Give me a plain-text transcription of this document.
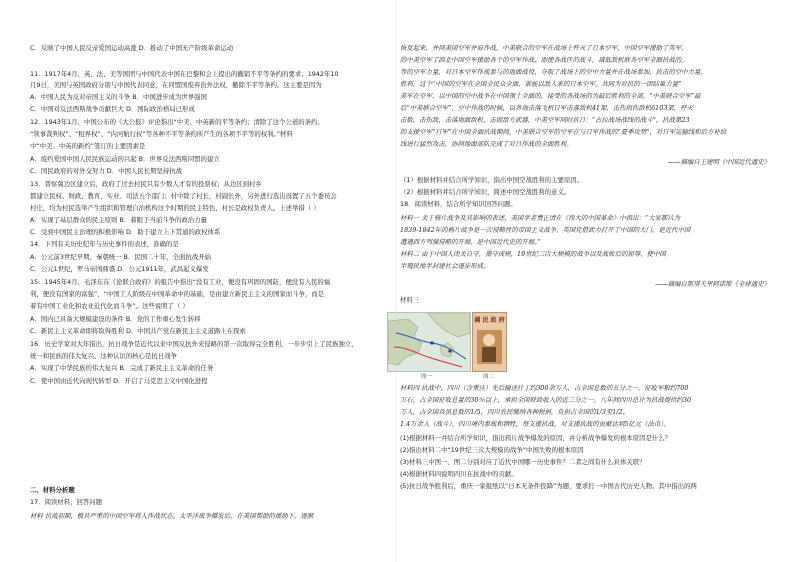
C．反映了中国人民反帝爱国运动高涨 D．推动了中国无产阶级革命运动
11．1917年4月，英、法、美等国团与中国代表中国在巴黎和会上提出的撤销不平等条约的要求；1942年10
月9日，美国与英国政府分别与中国代表同意，在同盟国废弃治外法权，撤除不平等条约。这主要是因为
A．中国人民为反对帝国主义的斗争 B．中国进步成为世界强国
C．中国对反法西斯战争贡献巨大 D．国际政治格局已形成
12．1943年1月，中国公布的《大公报》评论指出“中美、中英新的平等条约；清除了这个公道的条约；
“领事裁判权”、“租界权”、“内河航行权”等各种不平等条约所产生的各项不平等的权利。”材料
中“中美、中英的新约”签订的主要因素是
A．废约爱国中国人民民族运动的兴起 B．世界反法西斯同盟的建立
C．国民政府的对外交努力 D．中国人民长期坚持抗战
13．晋察冀边区建立后，政府了过去村民只有少数人才有的投票权；从边区到村乡
都建立民权、财政、教育、实业、司法五个部门；村中除了村长，村副长外，另外进行选出设置了五个委员会
村庄，均为村民选举产生组织和管理自治机构这个时期的民主特色，村长是政权负责人。上述举措（ ）
A．实现了基层群众的民主原则 B．着眼于当前斗争的政治力量
C．受到中国民主治理的积极影响 D．助于建立上下贯通的政权体系
14．下列有关历史纪年与历史事件的表述，准确的是
A．公元前3世纪早期，秦朝统一 B．民国二十年，全面抗战开始
C．公元1世纪，罗马帝国鼎盛 D．公元1911年，武昌起义爆发
15．1945年4月，毛泽东在《论联合政府》的报告中指出“没有工业，便没有巩固的国防，便没有人民的福
利，便没有国家的富强”，“中国工人阶级在中国革命中的基础，是由建立新民主主义的国家而斗争，而是
着有中国工业化和农业近代化而斗争”。这些说明了（ ）
A．国内已具备大规模建设的条件 B．党的工作重心发生转移
C．新民主主义革命即将取得胜利 D．中国共产党在新民主主义道路上在探索
16．历史学家对大年指出，抗日战争是近代以来中国反抗外来侵略的第一次取得完全胜利，一步步引上了民族独立、
统一和民族的伟大复兴。这种认识的核心是抗日战争
A．实现了中华民族的伟大复兴 B．完成了新民主主义革命的任务
C．使中国由近代向现代转型 D．开启了马克思主义中国化进程
二、材料分析题
17．阅读材料，回答问题
材料 抗战初期，极其严重的中国空军将入作战状态。太平洋战争爆发后，在美国帮助的援助下，逐渐
恢复起来，并同美国空军并肩作战，中美联合的空军在战场上歼灭了日本空军，中国空军援助了英军，
的中美空军了西北中国空军援助各个的空军作战，即使各战区的战斗，减低敌机联各空军全面抗战的。
等的空军力量，对日本空军作战参与的地面战役，夺取了战场上的空中力量并在战场参加，抗击的空中力量。
胜利，这个“中国的空军在全国全民众全面，谁能以敌人来的日本空军。共同为对抗的一团结果力量”
美军在空军、以中国的空中战争在中国领土全面的，接受的各战场的为最后胜利的全部，“中美联合空军”最
后“中美联合空军”，空中作战的时候，以各地击落飞机日军击落敌机41架，击伤损伤敌机6103架，歼灭
击数，击伤敌，击落地面敌机，击毁敌方武器，中美空军同时抗日：“古拉战场战线的战斗”，抗战第23
的支援空军“日军”在中国全面抗战期间，中美联合空军的空军在与日军作战的“夏季攻势”，对日军运输线和后方补给
线进行猛烈攻击，协同地面部队完成了对日作战的全面胜利。
——摘编自王建明《中国近代通史》
（1）根据材料并结合所学知识，指出中国空战胜利的主要原因。
（2）根据材料并结合所学知识，简述中国空战胜利的意义。
18．阅读材料，结合所学知识回答问题。
材料一 关于鸦片战争及其影响的表述，美国学者费正清在《伟大的中国革命》中指出：“大家都认为
1839-1842年的鸦片战争是一次侵略性的帝国主义战争，英国凭借武力打开了中国的大门，是近代中国
遭遇西方列强侵略的开端，是中国近代史的开端。”
材料二 由于中国人闭关自守，墨守成规，19世纪三次大规模的战争以及战败后的屈辱，使中国
半殖民地半封建社会逐步形成。
——摘编自斯塔夫里阿诺斯《全球通史》
材料三
材料四 抗战中，四川（含重庆）先后输送壮丁约300余万人，占全国总数的五分之一，征收军粮约700
万石，占全国征收总量的30％以上，承担全国财政收入的近三分之一。八年间四川总计为抗战提供约30
万人，占全国兵员总数的1/5，四川农民缴纳各种税捐，负担占全国的1/3至1/2。
1.4万余人（战斗），四川境内参战和牺牲，每支援抗战，对支援抗战的贡献达到5亿元（法币）。
(1)根据材料一并结合所学知识，指出鸦片战争爆发的原因，并分析战争爆发的根本原因是什么？
(2)指出材料二中“19世纪三次大规模的战争”中国失败的根本原因
(3)材料三中图一、图二分别对应了近代中国哪一历史事件？二者之间有什么具体关联？
(4)根据材料四说明四川在抗战中的贡献。
(5)抗日战争胜利后，重庆一家报纸以“日本无条件投降”为题，要求打一中国古代历史人物。其中指出的两
國 民 政 府
图一	图二
